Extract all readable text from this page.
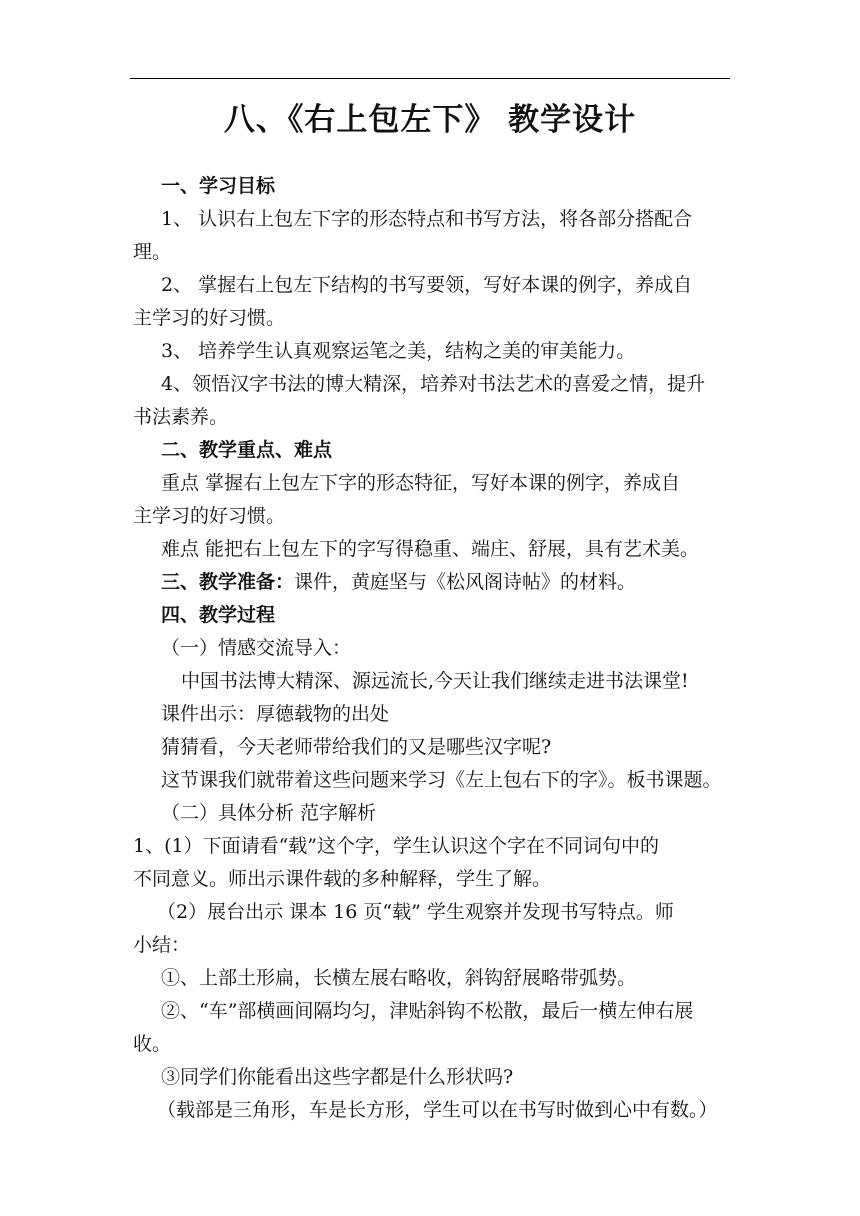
八、《右上包左下》 教学设计
一、学习目标
1、 认识右上包左下字的形态特点和书写方法，将各部分搭配合
理。
2、 掌握右上包左下结构的书写要领，写好本课的例字，养成自
主学习的好习惯。
3、 培养学生认真观察运笔之美，结构之美的审美能力。
4、领悟汉字书法的博大精深，培养对书法艺术的喜爱之情，提升
书法素养。
二、教学重点、难点
重点 掌握右上包左下字的形态特征，写好本课的例字，养成自
主学习的好习惯。
难点 能把右上包左下的字写得稳重、端庄、舒展，具有艺术美。
三、教学准备：课件，黄庭坚与《松风阁诗帖》的材料。
四、教学过程
（一）情感交流导入：
中国书法博大精深、源远流长,今天让我们继续走进书法课堂!
课件出示：厚德载物的出处
猜猜看，今天老师带给我们的又是哪些汉字呢?
这节课我们就带着这些问题来学习《左上包右下的字》。板书课题。
（二）具体分析 范字解析
1、(1）下面请看“载”这个字，学生认识这个字在不同词句中的
不同意义。师出示课件载的多种解释，学生了解。
（2）展台出示 课本 16 页“载” 学生观察并发现书写特点。师
小结：
①、上部土形扁，长横左展右略收，斜钩舒展略带弧势。
②、“车”部横画间隔均匀，津贴斜钩不松散，最后一横左伸右展
收。
③同学们你能看出这些字都是什么形状吗?
（载部是三角形，车是长方形，学生可以在书写时做到心中有数。）
